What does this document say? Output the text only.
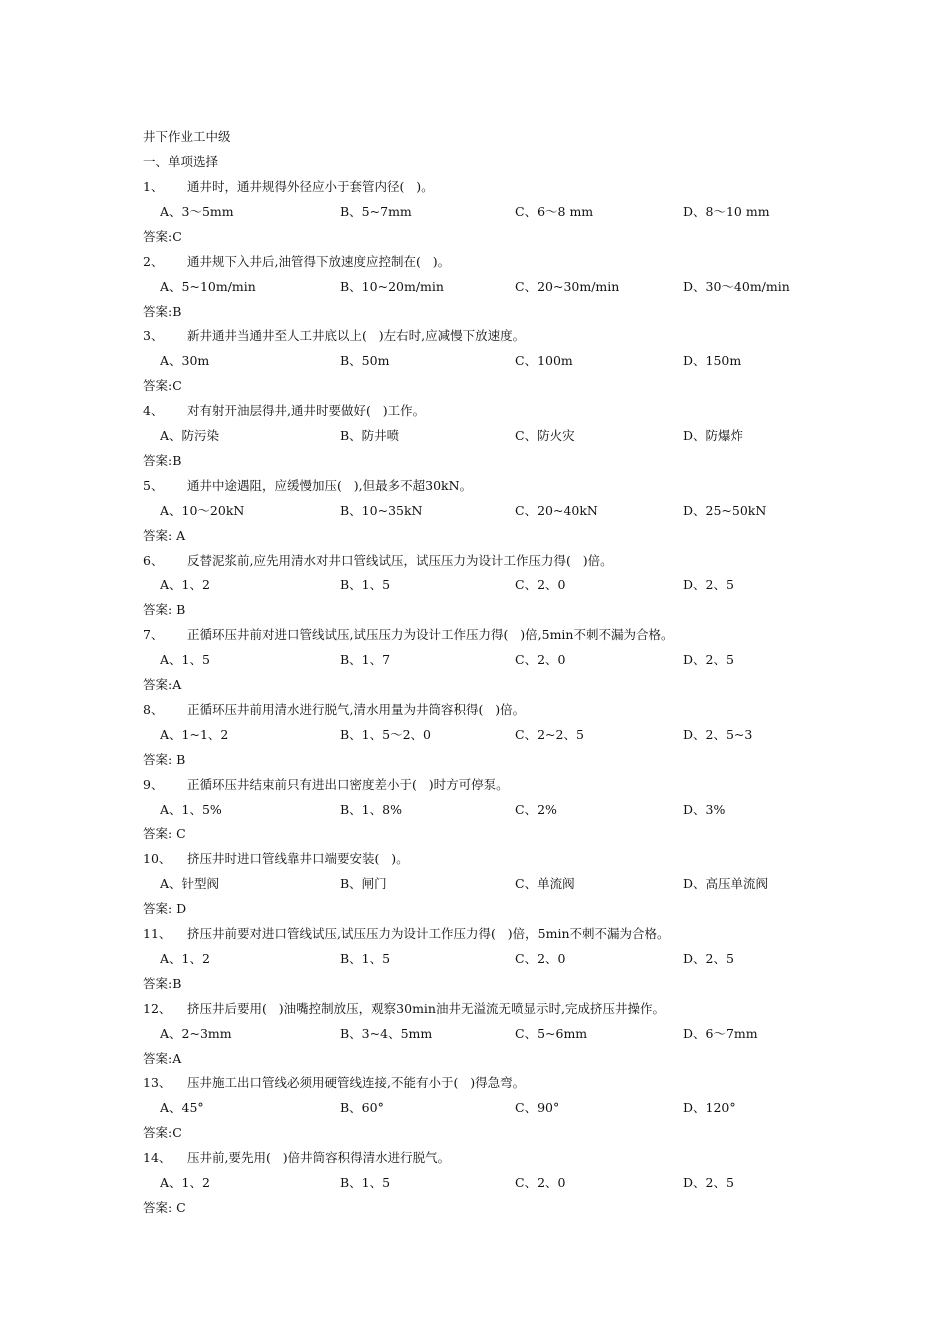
井下作业工中级
一、单项选择
1、	通井时，通井规得外径应小于套管内径(   )。
A、3～5mm	B、5~7mm	C、6～8 mm	D、8～10 mm
答案:C
2、	通井规下入井后,油管得下放速度应控制在(   )。
A、5~10m/min	B、10~20m/min	C、20~30m/min	D、30～40m/min
答案:B
3、	新井通井当通井至人工井底以上(   )左右时,应减慢下放速度。
A、30m	B、50m	C、100m	D、150m
答案:C
4、	对有射开油层得井,通井时要做好(   )工作。
A、防污染	B、防井喷	C、防火灾	D、防爆炸
答案:B
5、	通井中途遇阻，应缓慢加压(   ),但最多不超30kN。
A、10～20kN	B、10~35kN	C、20~40kN	D、25~50kN
答案: A
6、	反替泥浆前,应先用清水对井口管线试压，试压压力为设计工作压力得(   )倍。
A、1、2	B、1、5	C、2、0	D、2、5
答案: B
7、	正循环压井前对进口管线试压,试压压力为设计工作压力得(   )倍,5min不刺不漏为合格。
A、1、5	B、1、7	C、2、0	D、2、5
答案:A
8、	正循环压井前用清水进行脱气,清水用量为井筒容积得(   )倍。
A、1~1、2	B、1、5～2、0	C、2~2、5	D、2、5~3
答案: B
9、	正循环压井结束前只有进出口密度差小于(   )时方可停泵。
A、1、5%	B、1、8%	C、2%	D、3%
答案: C
10、	挤压井时进口管线靠井口端要安装(   )。
A、针型阀	B、闸门	C、单流阀	D、高压单流阀
答案: D
11、	挤压井前要对进口管线试压,试压压力为设计工作压力得(   )倍，5min不刺不漏为合格。
A、1、2	B、1、5	C、2、0	D、2、5
答案:B
12、	挤压井后要用(   )油嘴控制放压，观察30min油井无溢流无喷显示时,完成挤压井操作。
A、2~3mm	B、3~4、5mm	C、5~6mm	D、6～7mm
答案:A
13、	压井施工出口管线必须用硬管线连接,不能有小于(   )得急弯。
A、45°	B、60°	C、90°	D、120°
答案:C
14、	压井前,要先用(   )倍井筒容积得清水进行脱气。
A、1、2	B、1、5	C、2、0	D、2、5
答案: C
